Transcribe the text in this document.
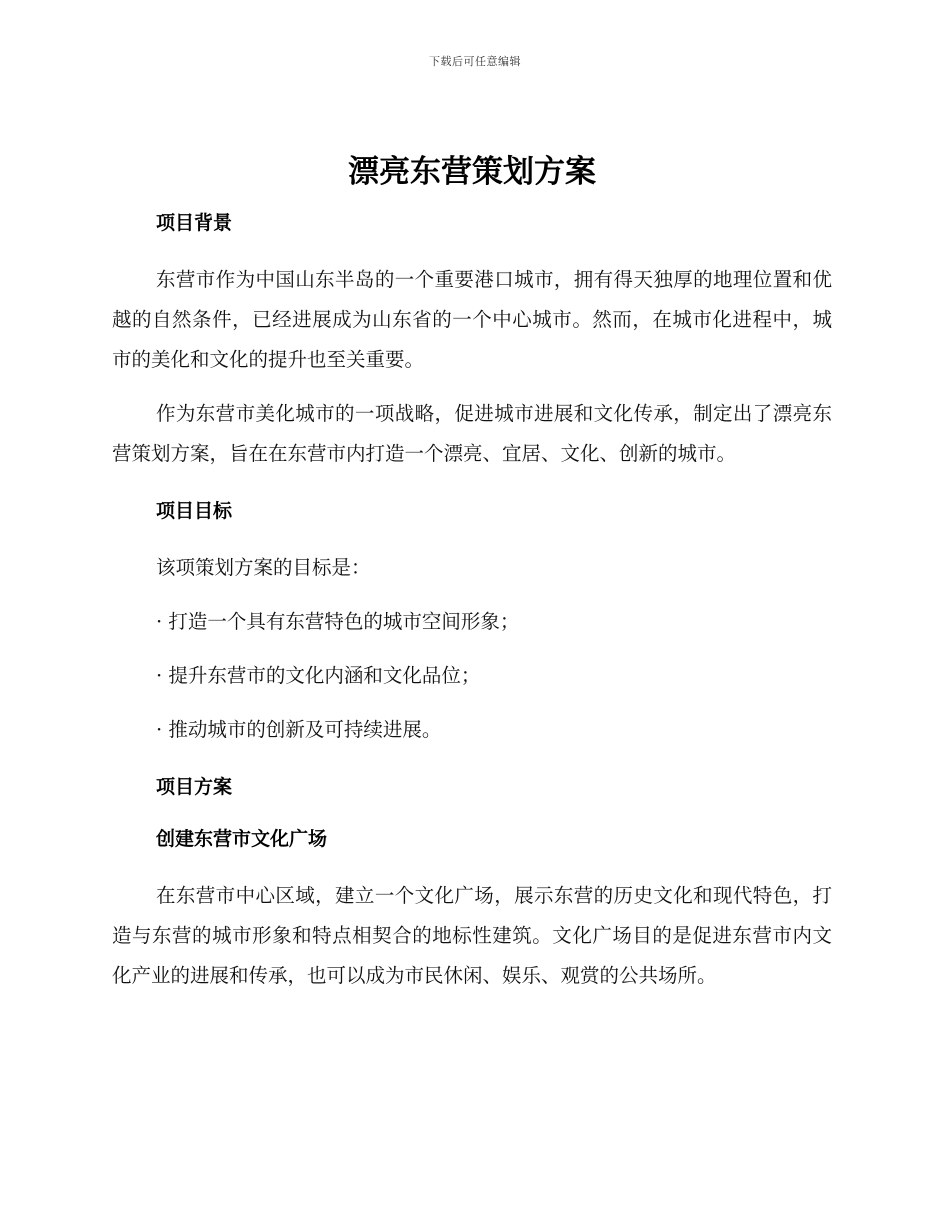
下载后可任意编辑
漂亮东营策划方案

项目背景

东营市作为中国山东半岛的一个重要港口城市，拥有得天独厚的地理位置和优越的自然条件，已经进展成为山东省的一个中心城市。然而，在城市化进程中，城市的美化和文化的提升也至关重要。

作为东营市美化城市的一项战略，促进城市进展和文化传承，制定出了漂亮东营策划方案，旨在在东营市内打造一个漂亮、宜居、文化、创新的城市。

项目目标

该项策划方案的目标是：

· 打造一个具有东营特色的城市空间形象；

· 提升东营市的文化内涵和文化品位；

· 推动城市的创新及可持续进展。

项目方案

创建东营市文化广场

在东营市中心区域，建立一个文化广场，展示东营的历史文化和现代特色，打造与东营的城市形象和特点相契合的地标性建筑。文化广场目的是促进东营市内文化产业的进展和传承，也可以成为市民休闲、娱乐、观赏的公共场所。
